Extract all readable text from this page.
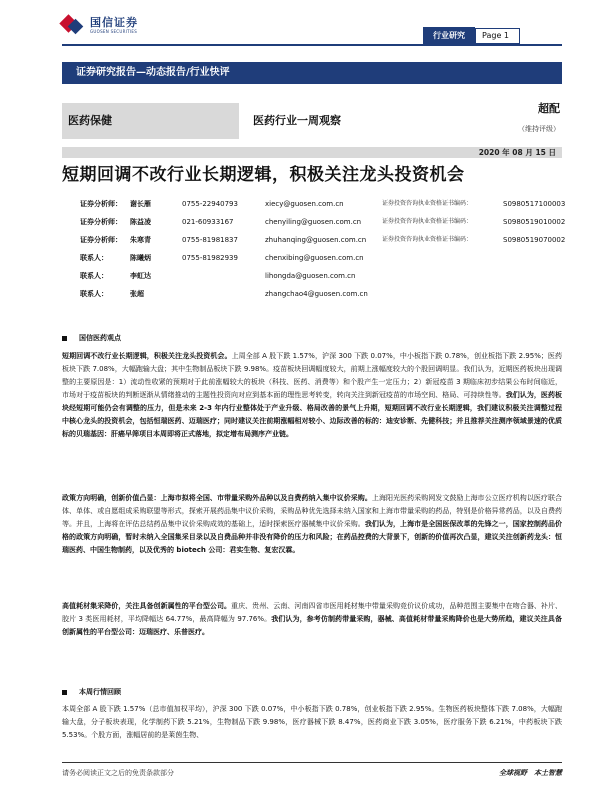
国信证券
GUOSEN SECURITIES	行业研究	Page 1
证券研究报告—动态报告/行业快评
医药保健	医药行业一周观察
超配
（维持评级）
2020 年 08 月 15 日
短期回调不改行业长期逻辑，积极关注龙头投资机会
证券分析师： 谢长雁	0755-22940793	xiecy@guosen.com.cn	证券投资咨询执业资格证书编码：	S0980517100003
证券分析师： 陈益凌	021-60933167	chenyiling@guosen.com.cn	证券投资咨询执业资格证书编码：	S0980519010002
证券分析师： 朱寒青	0755-81981837	zhuhanqing@guosen.com.cn	证券投资咨询执业资格证书编码：	S0980519070002
联系人：	陈曦炳	0755-81982939	chenxibing@guosen.com.cn
联系人：	李虹达	lihongda@guosen.com.cn
联系人：	张超	zhangchao4@guosen.com.cn
国信医药观点
短期回调不改行业长期逻辑，积极关注龙头投资机会。上周全部 A 股下跌 1.57%，沪深 300 下跌 0.07%，中小板指下跌 0.78%，创业板指下跌 2.95%；医药板块下跌 7.08%，大幅跑输大盘；其中生物制品板块下跌 9.98%。疫苗板块回调幅度较大，前期上涨幅度较大的个股回调明显。我们认为，近期医药板块出现调整的主要原因是：1）流动性收紧的预期对于此前涨幅较大的板块（科技、医药、消费等）和个股产生一定压力；2）新冠疫苗 3 期临床初步结果公布时间临近，市场对于疫苗板块的判断逐渐从情绪推动的主题性投资向对应到基本面的理性思考转变，转向关注到新冠疫苗的市场空间、格局、可持续性等。我们认为，医药板块经短期可能仍会有调整的压力，但是未来 2-3 年内行业整体处于产业升级、格局改善的景气上升期，短期回调不改行业长期逻辑，我们建议积极关注调整过程中核心龙头的投资机会，包括恒瑞医药、迈瑞医疗；同时建议关注前期涨幅相对较小、边际改善的标的：迪安诊断、先健科技；并且推荐关注测序领域景速的优质标的贝瑞基因：肝癌早筛项目本周即将正式落地，拟定增布局测序产业链。
政策方向明确，创新价值凸显：上海市拟将全国、市带量采购外品种以及自费药纳入集中议价采购。上海阳光医药采购网发文鼓励上海市公立医疗机构以医疗联合体、单体、或自愿组成采购联盟等形式，探索开展药品集中议价采购，采购品种优先选择未纳入国家和上海市带量采购的药品，特别是价格异常药品，以及自费药等。并且，上海将在评估总结药品集中议价采购成效的基础上，适时探索医疗器械集中议价采购。我们认为，上海市是全国医保改革的先锋之一，国家控制药品价格的政策方向明确，暂时未纳入全国集采目录以及自费品种并非没有降价的压力和风险；在药品控费的大背景下，创新的价值再次凸显，建议关注创新药龙头：恒瑞医药、中国生物制药，以及优秀的 biotech 公司：君实生物、复宏汉霖。
高值耗材集采降价，关注具备创新属性的平台型公司。重庆、贵州、云南、河南四省市医用耗材集中带量采购竞价议价成功，品种范围主要集中在吻合器、补片、胶片 3 类医用耗材，平均降幅达 64.77%，最高降幅为 97.76%。我们认为，参考仿制药带量采购，器械、高值耗材带量采购降价也是大势所趋，建议关注具备创新属性的平台型公司：迈瑞医疗、乐普医疗。
本周行情回顾
本周全部 A 股下跌 1.57%（总市值加权平均），沪深 300 下跌 0.07%，中小板指下跌 0.78%，创业板指下跌 2.95%。生物医药板块整体下跌 7.08%，大幅跑输大盘，分子板块表现，化学制药下跌 5.21%，生物制品下跌 9.98%，医疗器械下跌 8.47%，医药商业下跌 3.05%，医疗服务下跌 6.21%，中药板块下跌 5.53%。个股方面，涨幅居前的是莱茵生物、
请务必阅读正文之后的免责条款部分	全球视野　本土智慧
